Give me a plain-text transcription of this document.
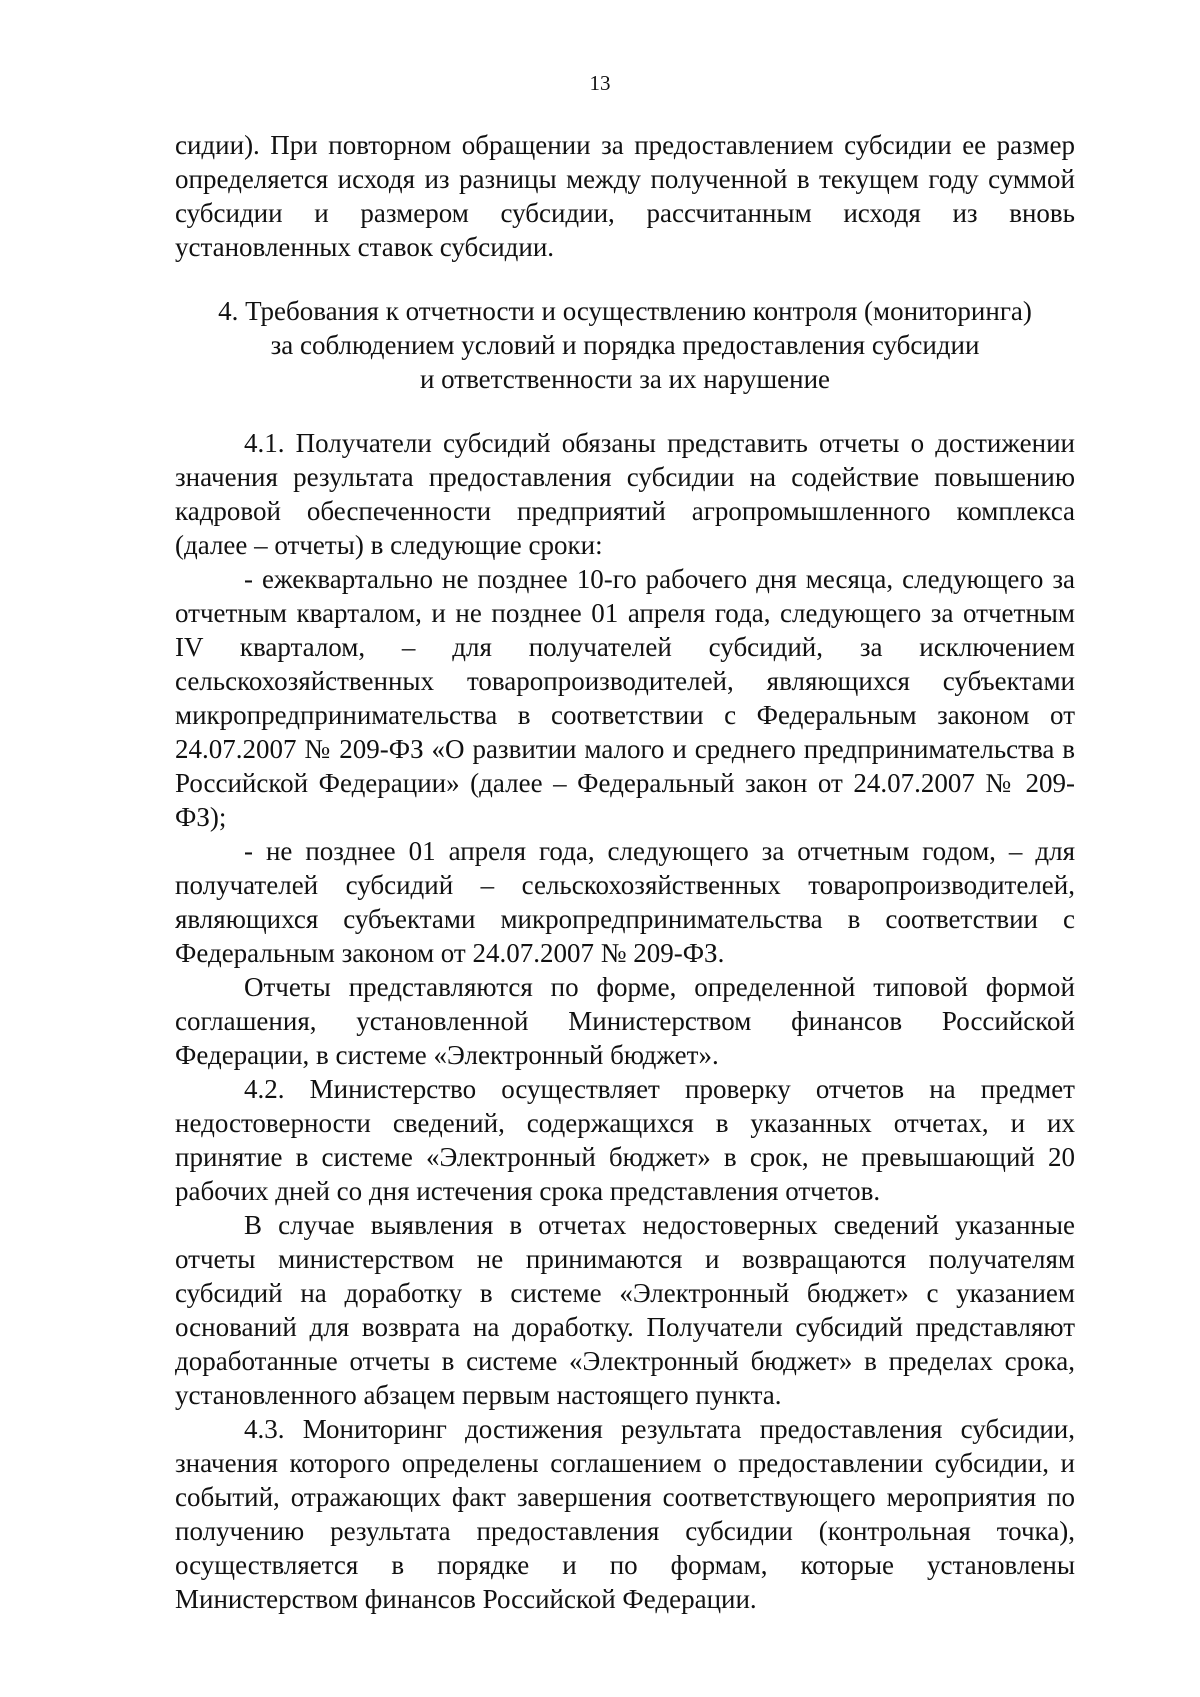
13

сидии). При повторном обращении за предоставлением субсидии ее размер определяется исходя из разницы между полученной в текущем году суммой субсидии и размером субсидии, рассчитанным исходя из вновь установленных ставок субсидии.

4. Требования к отчетности и осуществлению контроля (мониторинга)
за соблюдением условий и порядка предоставления субсидии
и ответственности за их нарушение

4.1. Получатели субсидий обязаны представить отчеты о достижении значения результата предоставления субсидии на содействие повышению кадровой обеспеченности предприятий агропромышленного комплекса (далее – отчеты) в следующие сроки:

- ежеквартально не позднее 10-го рабочего дня месяца, следующего за отчетным кварталом, и не позднее 01 апреля года, следующего за отчетным IV кварталом, – для получателей субсидий, за исключением сельскохозяйственных товаропроизводителей, являющихся субъектами микропредпринимательства в соответствии с Федеральным законом от 24.07.2007 № 209-ФЗ «О развитии малого и среднего предпринимательства в Российской Федерации» (далее – Федеральный закон от 24.07.2007 № 209-ФЗ);

- не позднее 01 апреля года, следующего за отчетным годом, – для получателей субсидий – сельскохозяйственных товаропроизводителей, являющихся субъектами микропредпринимательства в соответствии с Федеральным законом от 24.07.2007 № 209-ФЗ.

Отчеты представляются по форме, определенной типовой формой соглашения, установленной Министерством финансов Российской Федерации, в системе «Электронный бюджет».

4.2. Министерство осуществляет проверку отчетов на предмет недостоверности сведений, содержащихся в указанных отчетах, и их принятие в системе «Электронный бюджет» в срок, не превышающий 20 рабочих дней со дня истечения срока представления отчетов.

В случае выявления в отчетах недостоверных сведений указанные отчеты министерством не принимаются и возвращаются получателям субсидий на доработку в системе «Электронный бюджет» с указанием оснований для возврата на доработку. Получатели субсидий представляют доработанные отчеты в системе «Электронный бюджет» в пределах срока, установленного абзацем первым настоящего пункта.

4.3. Мониторинг достижения результата предоставления субсидии, значения которого определены соглашением о предоставлении субсидии, и событий, отражающих факт завершения соответствующего мероприятия по получению результата предоставления субсидии (контрольная точка), осуществляется в порядке и по формам, которые установлены Министерством финансов Российской Федерации.
